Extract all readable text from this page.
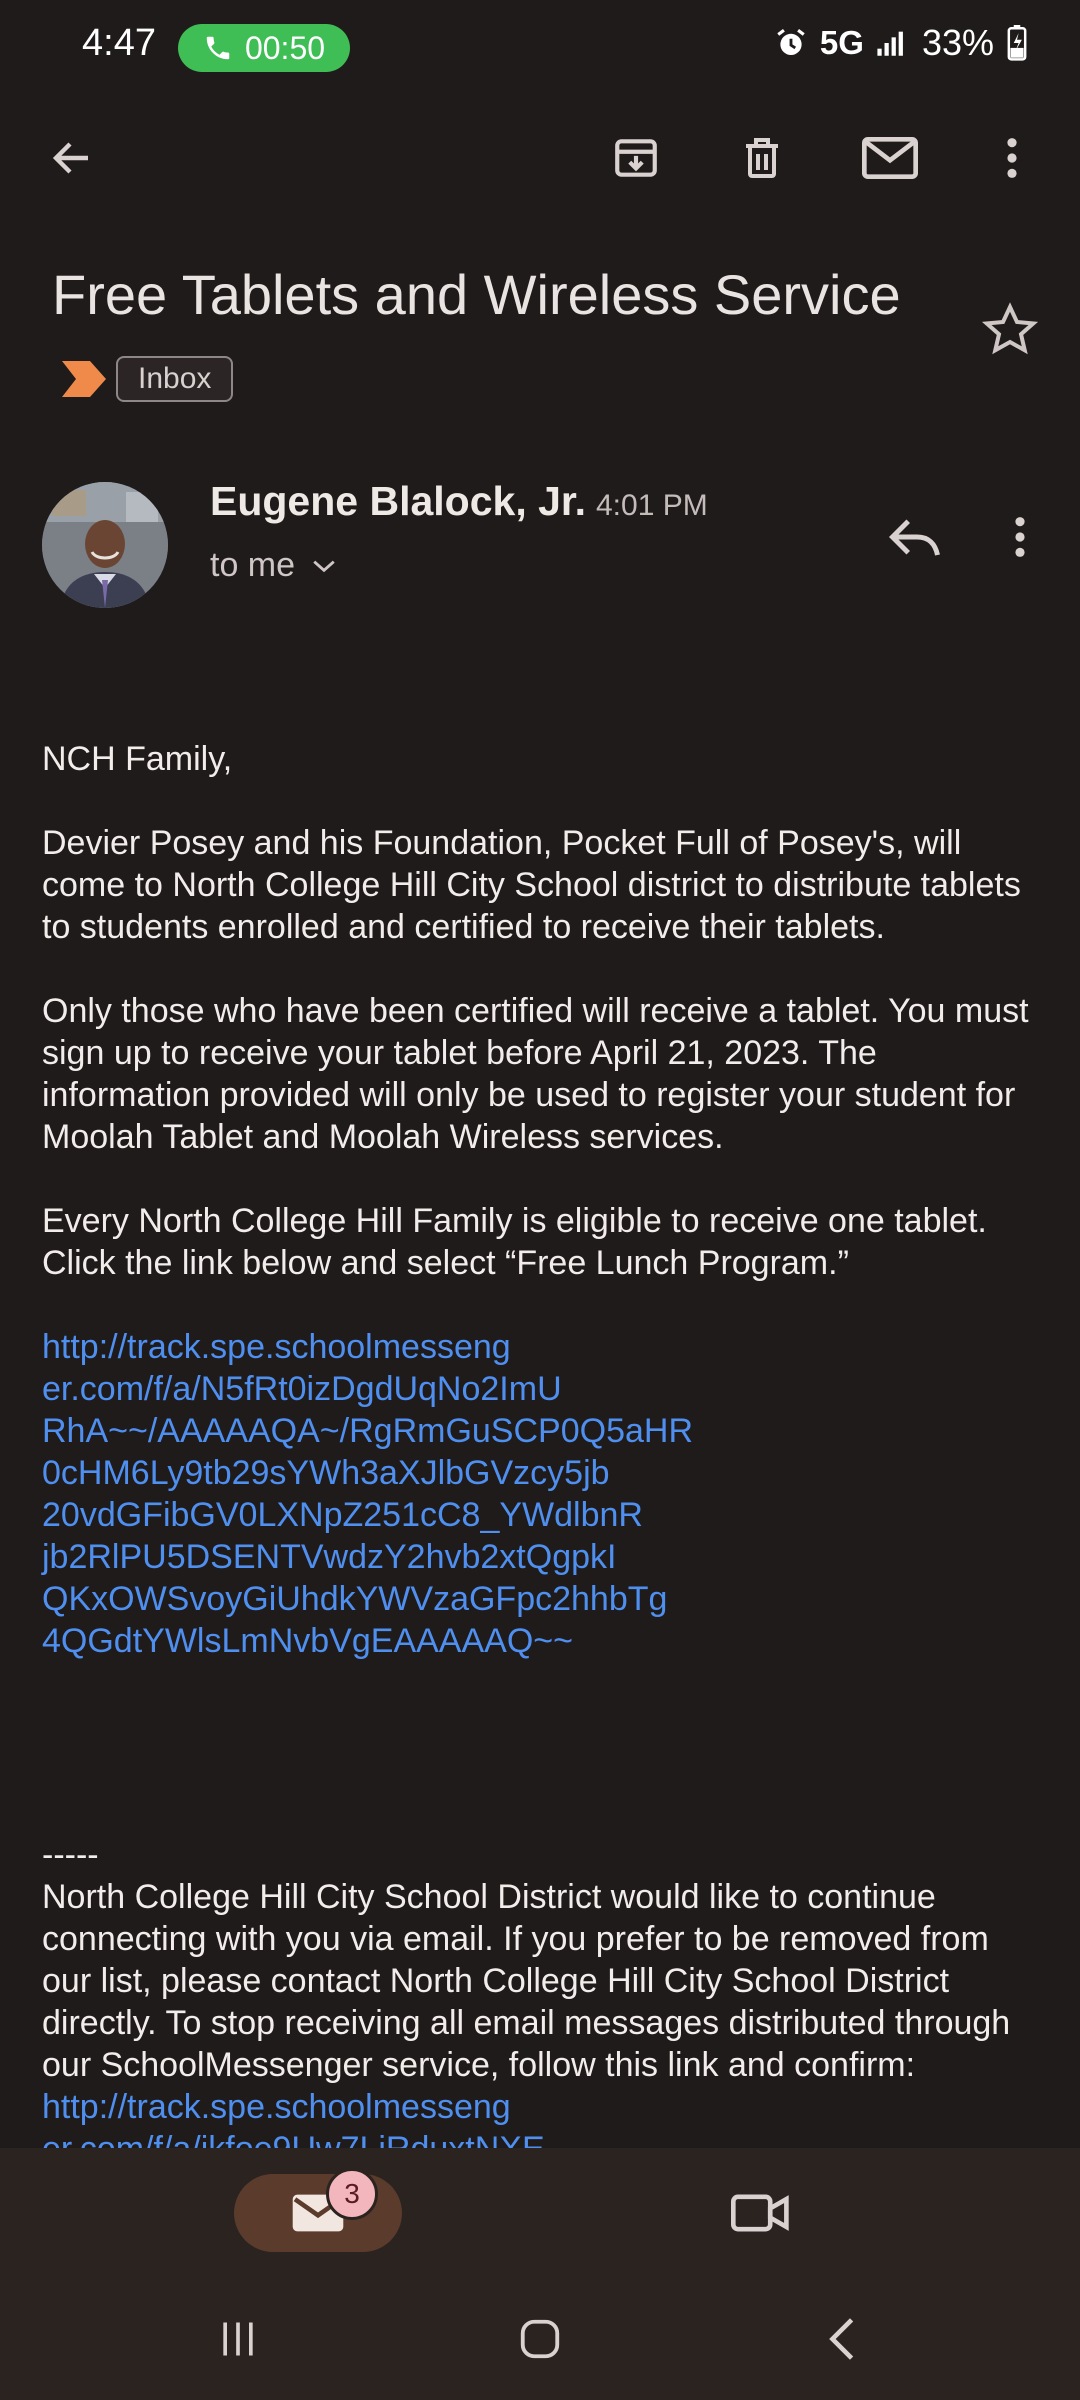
4:47	00:50	5G 33%
Free Tablets and Wireless Service
Inbox
Eugene Blalock, Jr. 4:01 PM
to me

NCH Family,

Devier Posey and his Foundation, Pocket Full of Posey's, will come to North College Hill City School district to distribute tablets to students enrolled and certified to receive their tablets.

Only those who have been certified will receive a tablet. You must sign up to receive your tablet before April 21, 2023. The information provided will only be used to register your student for Moolah Tablet and Moolah Wireless services.

Every North College Hill Family is eligible to receive one tablet. Click the link below and select “Free Lunch Program.”

http://track.spe.schoolmesseng
er.com/f/a/N5fRt0izDgdUqNo2ImU
RhA~~/AAAAAQA~/RgRmGuSCP0Q5aHR
0cHM6Ly9tb29sYWh3aXJlbGVzcy5jb
20vdGFibGV0LXNpZ251cC8_YWdlbnR
jb2RlPU5DSENTVwdzY2hvb2xtQgpkI
QKxOWSvoyGiUhdkYWVzaGFpc2hhbTg
4QGdtYWlsLmNvbVgEAAAAAQ~~
-----
North College Hill City School District would like to continue connecting with you via email. If you prefer to be removed from our list, please contact North College Hill City School District directly. To stop receiving all email messages distributed through our SchoolMessenger service, follow this link and confirm: http://track.spe.schoolmesseng

3
